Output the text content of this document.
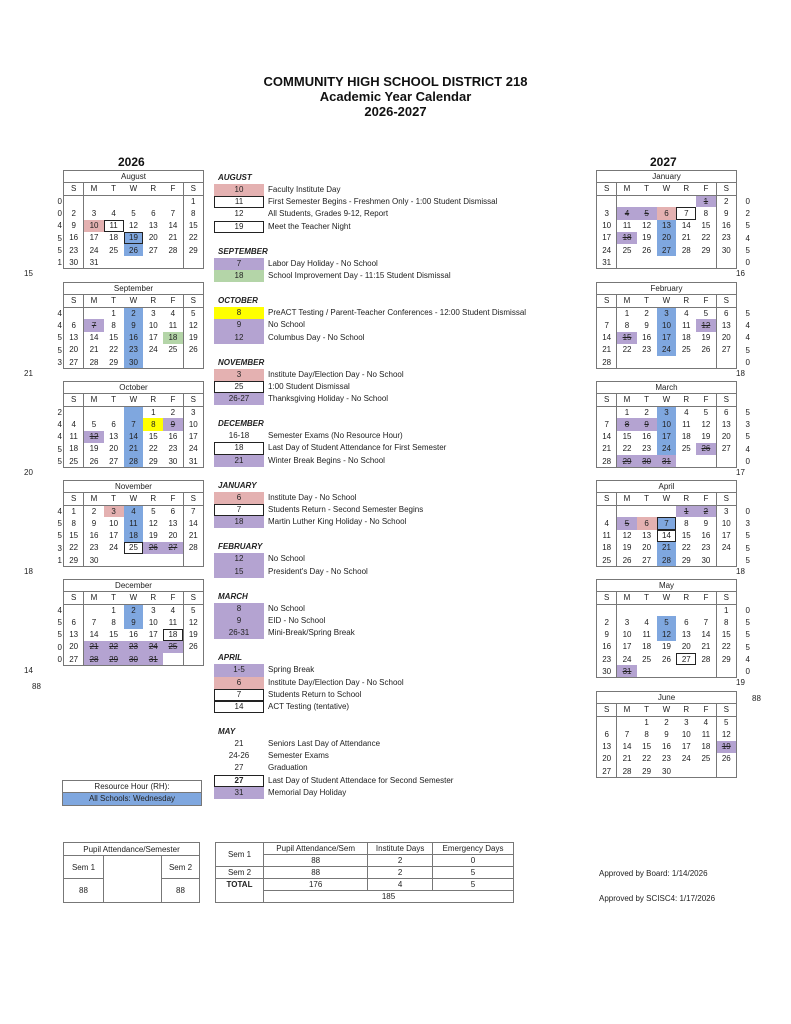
COMMUNITY HIGH SCHOOL DISTRICT 218
Academic Year Calendar
2026-2027
2026	2027
AUGUST
10	Faculty Institute Day
11	First Semester Begins - Freshmen Only - 1:00 Student Dismissal
12	All Students, Grades 9-12, Report
19	Meet the Teacher Night
SEPTEMBER
7	Labor Day Holiday - No School
18	School Improvement Day - 11:15 Student Dismissal
OCTOBER
8	PreACT Testing / Parent-Teacher Conferences - 12:00 Student Dismissal
9	No School
12	Columbus Day - No School
NOVEMBER
3	Institute Day/Election Day - No School
25	1:00 Student Dismissal
26-27	Thanksgiving Holiday - No School
DECEMBER
16-18	Semester Exams (No Resource Hour)
18	Last Day of Student Attendance for First Semester
21	Winter Break Begins - No School
JANUARY
6	Institute Day - No School
7	Students Return - Second Semester Begins
18	Martin Luther King Holiday - No School
FEBRUARY
12	No School
15	President's Day - No School
MARCH
8	No School
9	EID - No School
26-31	Mini-Break/Spring Break
APRIL
1-5	Spring Break
6	Institute Day/Election Day - No School
7	Students Return to School
14	ACT Testing (tentative)
MAY
21	Seniors Last Day of Attendance
24-26	Semester Exams
27	Graduation
27	Last Day of Student Attendace for Second Semester
31	Memorial Day Holiday
88
88
Resource Hour (RH):
All Schools: Wednesday
Pupil Attendance/Semester
Sem 1
88
Sem 2
88
Sem 1	Pupil Attendance/Sem	Institute Days	Emergency Days
	88	2	0
Sem 2	88	2	5
TOTAL	176	4	5
	185		
Approved by Board: 1/14/2026
Approved by SCISC4: 1/17/2026
August
S	M	T	W	R	F	S
						1
2	3	4	5	6	7	8
9	10	11	12	13	14	15
16	17	18	19	20	21	22
23	24	25	26	27	28	29
30	31					
0
0
4
5
5
1
15
September
S	M	T	W	R	F	S
		1	2	3	4	5
6	7	8	9	10	11	12
13	14	15	16	17	18	19
20	21	22	23	24	25	26
27	28	29	30			
4
4
5
5
3
21
October
S	M	T	W	R	F	S
				1	2	3
4	5	6	7	8	9	10
11	12	13	14	15	16	17
18	19	20	21	22	23	24
25	26	27	28	29	30	31
2
4
4
5
5
20
November
S	M	T	W	R	F	S
1	2	3	4	5	6	7
8	9	10	11	12	13	14
15	16	17	18	19	20	21
22	23	24	25	26	27	28
29	30					
4
5
5
3
1
18
December
S	M	T	W	R	F	S
		1	2	3	4	5
6	7	8	9	10	11	12
13	14	15	16	17	18	19
20	21	22	23	24	25	26
27	28	29	30	31		
4
5
5
0
0
14
January
S	M	T	W	R	F	S
					1	2
3	4	5	6	7	8	9
10	11	12	13	14	15	16
17	18	19	20	21	22	23
24	25	26	27	28	29	30
31						
0
2
5
4
5
0
16
February
S	M	T	W	R	F	S
	1	2	3	4	5	6
7	8	9	10	11	12	13
14	15	16	17	18	19	20
21	22	23	24	25	26	27
28						
5
4
4
5
0
18
March
S	M	T	W	R	F	S
	1	2	3	4	5	6
7	8	9	10	11	12	13
14	15	16	17	18	19	20
21	22	23	24	25	26	27
28	29	30	31			
5
3
5
4
0
17
April
S	M	T	W	R	F	S
				1	2	3
4	5	6	7	8	9	10
11	12	13	14	15	16	17
18	19	20	21	22	23	24
25	26	27	28	29	30	
0
3
5
5
5
18
May
S	M	T	W	R	F	S
						1
2	3	4	5	6	7	8
9	10	11	12	13	14	15
16	17	18	19	20	21	22
23	24	25	26	27	28	29
30	31					
0
5
5
5
4
0
19
June
S	M	T	W	R	F	S
		1	2	3	4	5
6	7	8	9	10	11	12
13	14	15	16	17	18	19
20	21	22	23	24	25	26
27	28	29	30			
